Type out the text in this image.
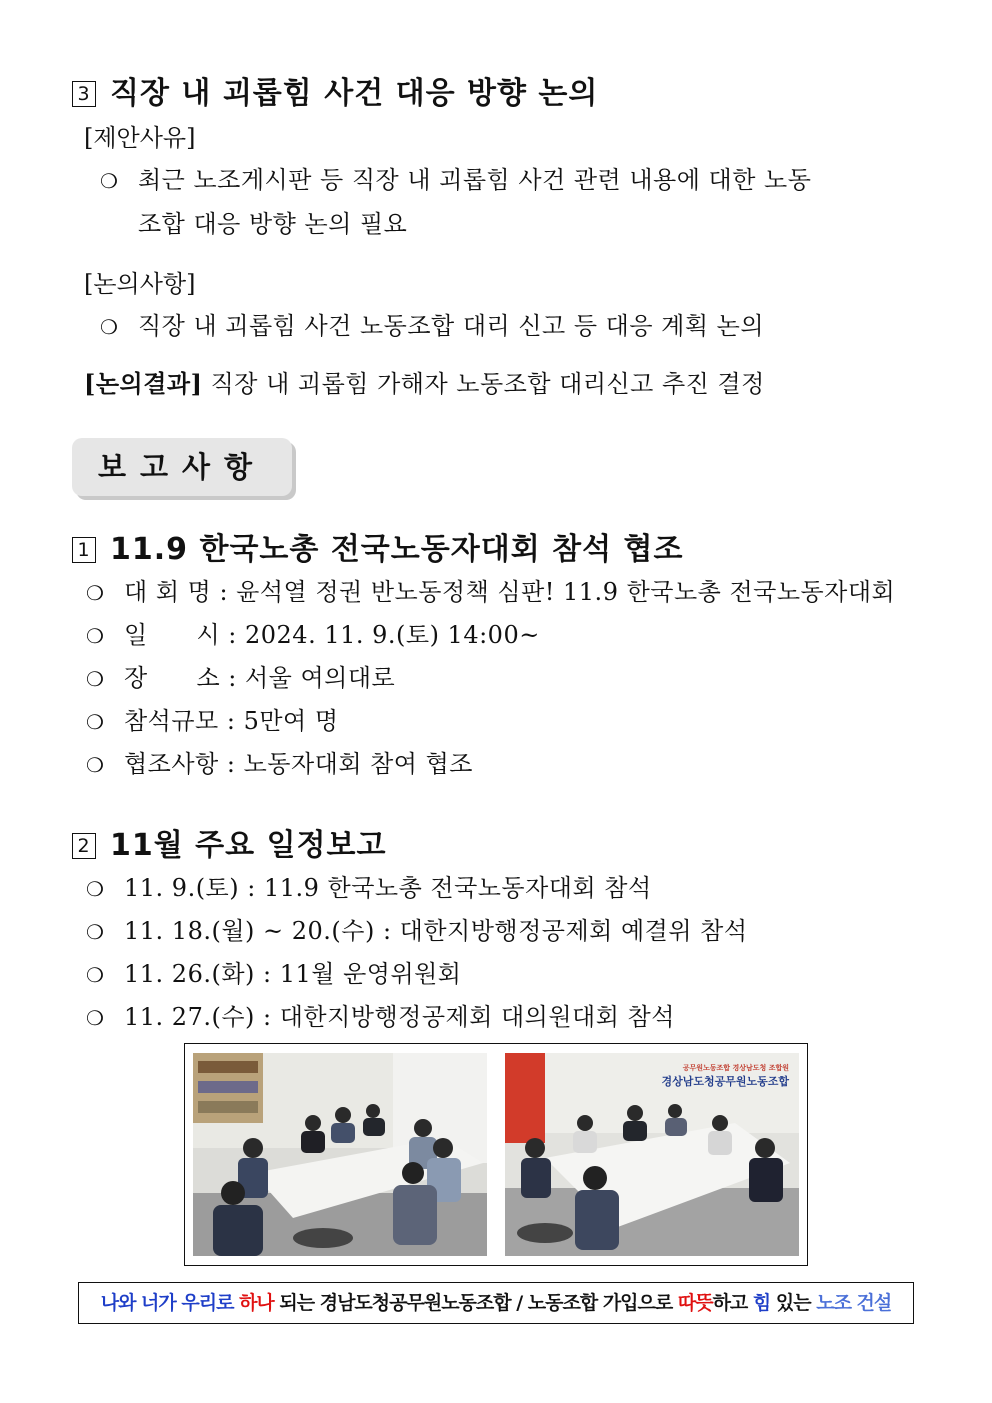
3 직장 내 괴롭힘 사건 대응 방향 논의
[제안사유]
❍ 최근 노조게시판 등 직장 내 괴롭힘 사건 관련 내용에 대한 노동
조합 대응 방향 논의 필요
[논의사항]
❍ 직장 내 괴롭힘 사건 노동조합 대리 신고 등 대응 계획 논의
[논의결과] 직장 내 괴롭힘 가해자 노동조합 대리신고 추진 결정
보고사항
1 11.9 한국노총 전국노동자대회 참석 협조
❍ 대 회 명 : 윤석열 정권 반노동정책 심판! 11.9 한국노총 전국노동자대회
❍ 일      시 : 2024. 11. 9.(토) 14:00~
❍ 장      소 : 서울 여의대로
❍ 참석규모 : 5만여 명
❍ 협조사항 : 노동자대회 참여 협조
2 11월 주요 일정보고
❍ 11. 9.(토) : 11.9 한국노총 전국노동자대회 참석
❍ 11. 18.(월) ~ 20.(수) : 대한지방행정공제회 예결위 참석
❍ 11. 26.(화) : 11월 운영위원회
❍ 11. 27.(수) : 대한지방행정공제회 대의원대회 참석
공무원노동조합 경상남도청 조합원
경상남도청공무원노동조합
나와 너가 우리로 하나 되는 경남도청공무원노동조합 / 노동조합 가입으로 따뜻하고 힘 있는 노조 건설
